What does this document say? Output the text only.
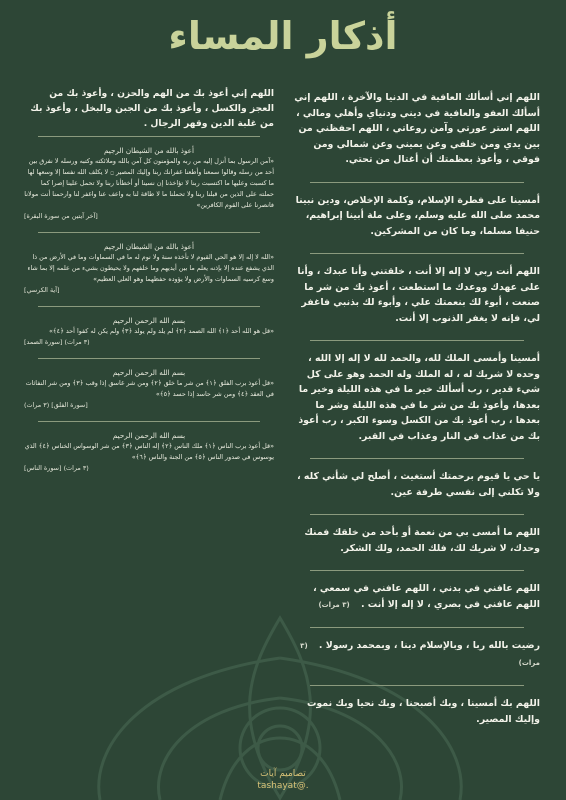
أذكار المساء
اللهم إني أسألك العافية في الدنيا والآخرة ، اللهم إني أسألك العفو والعافية في ديني ودنياي وأهلي ومالي ، اللهم استر عورتي وآمن روعاتي ، اللهم احفظني من بين يدي ومن خلفي وعن يميني وعن شمالي ومن فوقي ، وأعوذ بعظمتك أن أغتال من تحتي.
أمسينا على فطرة الإسلام، وكلمة الإخلاص، ودين نبينا محمد صلى الله عليه وسلم، وعلى ملة أبينا إبراهيم، حنيفا مسلما، وما كان من المشركين.
اللهم أنت ربي لا إله إلا أنت ، خلقتني وأنا عبدك ، وأنا على عهدك ووعدك ما استطعت ، أعوذ بك من شر ما صنعت ، أبوء لك بنعمتك علي ، وأبوء لك بذنبي فاغفر لي، فإنه لا يغفر الذنوب إلا أنت.
أمسينا وأمسى الملك لله، والحمد لله لا إله إلا الله ، وحده لا شريك له ، له الملك وله الحمد وهو على كل شيء قدير ، رب أسألك خير ما في هذه الليلة وخير ما بعدها، وأعوذ بك من شر ما في هذه الليلة وشر ما بعدها ، رب أعوذ بك من الكسل وسوء الكبر ، رب أعوذ بك من عذاب في النار وعذاب في القبر.
يا حي يا قيوم برحمتك أستغيث ، أصلح لي شأني كله ، ولا تكلني إلى نفسي طرفة عين.
اللهم ما أمسى بي من نعمة أو بأحد من خلقك فمنك وحدك، لا شريك لك، فلك الحمد، ولك الشكر.
اللهم عافني في بدني ، اللهم عافني في سمعي ، اللهم عافني في بصري ، لا إله إلا أنت . (٣ مرات)
رضيت بالله ربا ، وبالإسلام دينا ، وبمحمد رسولا . (٣ مرات)
اللهم بك أمسينا ، وبك أصبحنا ، وبك نحيا وبك نموت وإليك المصير.
اللهم إني أعوذ بك من الهم والحزن ، وأعوذ بك من العجز والكسل ، وأعوذ بك من الجبن والبخل ، وأعوذ بك من غلبة الدين وقهر الرجال .
أعوذ بالله من الشيطان الرجيم
«آمن الرسول بما أنزل إليه من ربه والمؤمنون كل آمن بالله وملائكته وكتبه ورسله لا نفرق بين أحد من رسله وقالوا سمعنا وأطعنا غفرانك ربنا وإليك المصير ۝ لا يكلف الله نفسا إلا وسعها لها ما كسبت وعليها ما اكتسبت ربنا لا تؤاخذنا إن نسينا أو أخطأنا ربنا ولا تحمل علينا إصرا كما حملته على الذين من قبلنا ربنا ولا تحملنا ما لا طاقة لنا به واعف عنا واغفر لنا وارحمنا أنت مولانا فانصرنا على القوم الكافرين»
[آخر آيتين من سورة البقرة]
أعوذ بالله من الشيطان الرجيم
«الله لا إله إلا هو الحي القيوم لا تأخذه سنة ولا نوم له ما في السماوات وما في الأرض من ذا الذي يشفع عنده إلا بإذنه يعلم ما بين أيديهم وما خلفهم ولا يحيطون بشيء من علمه إلا بما شاء وسع كرسيه السماوات والأرض ولا يؤوده حفظهما وهو العلي العظيم»
[آية الكرسي]
بسم الله الرحمن الرحيم
«قل هو الله أحد ﴿١﴾ الله الصمد ﴿٢﴾ لم يلد ولم يولد ﴿٣﴾ ولم يكن له كفوا أحد ﴿٤﴾»
(٣ مرات) [سورة الصمد]
بسم الله الرحمن الرحيم
«قل أعوذ برب الفلق ﴿١﴾ من شر ما خلق ﴿٢﴾ ومن شر غاسق إذا وقب ﴿٣﴾ ومن شر النفاثات في العقد ﴿٤﴾ ومن شر حاسد إذا حسد ﴿٥﴾»
[سورة الفلق] (٣ مرات)
بسم الله الرحمن الرحيم
«قل أعوذ برب الناس ﴿١﴾ ملك الناس ﴿٢﴾ إله الناس ﴿٣﴾ من شر الوسواس الخناس ﴿٤﴾ الذي يوسوس في صدور الناس ﴿٥﴾ من الجنة والناس ﴿٦﴾»
(٣ مرات) [سورة الناس]
تصاميم آيات
tashayat@.
